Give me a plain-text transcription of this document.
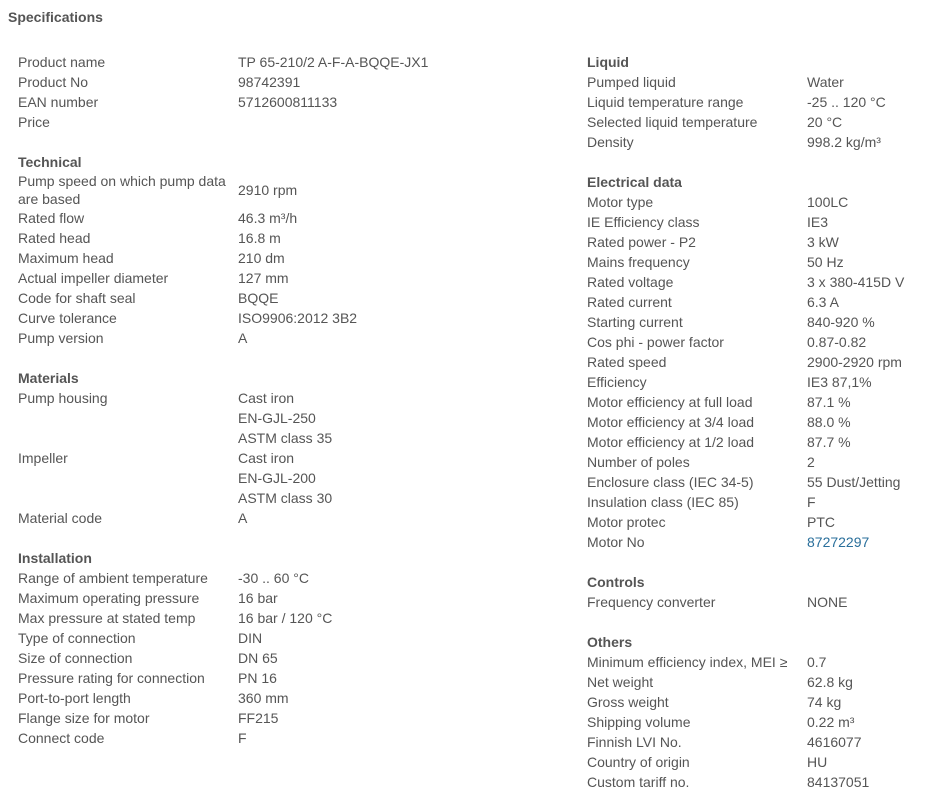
Specifications
Product name	TP 65-210/2 A-F-A-BQQE-JX1
Product No	98742391
EAN number	5712600811133
Price
Technical
Pump speed on which pump data are based
2910 rpm
Rated flow	46.3 m³/h
Rated head	16.8 m
Maximum head	210 dm
Actual impeller diameter	127 mm
Code for shaft seal	BQQE
Curve tolerance	ISO9906:2012 3B2
Pump version	A
Materials
Pump housing	Cast iron
EN-GJL-250
ASTM class 35
Impeller	Cast iron
EN-GJL-200
ASTM class 30
Material code	A
Installation
Range of ambient temperature	-30 .. 60 °C
Maximum operating pressure	16 bar
Max pressure at stated temp	16 bar / 120 °C
Type of connection	DIN
Size of connection	DN 65
Pressure rating for connection	PN 16
Port-to-port length	360 mm
Flange size for motor	FF215
Connect code	F
Liquid
Pumped liquid	Water
Liquid temperature range	-25 .. 120 °C
Selected liquid temperature	20 °C
Density	998.2 kg/m³
Electrical data
Motor type	100LC
IE Efficiency class	IE3
Rated power - P2	3 kW
Mains frequency	50 Hz
Rated voltage	3 x 380-415D V
Rated current	6.3 A
Starting current	840-920 %
Cos phi - power factor	0.87-0.82
Rated speed	2900-2920 rpm
Efficiency	IE3 87,1%
Motor efficiency at full load	87.1 %
Motor efficiency at 3/4 load	88.0 %
Motor efficiency at 1/2 load	87.7 %
Number of poles	2
Enclosure class (IEC 34-5)	55 Dust/Jetting
Insulation class (IEC 85)	F
Motor protec	PTC
Motor No	87272297
Controls
Frequency converter	NONE
Others
Minimum efficiency index, MEI ≥	0.7
Net weight	62.8 kg
Gross weight	74 kg
Shipping volume	0.22 m³
Finnish LVI No.	4616077
Country of origin	HU
Custom tariff no.	84137051
